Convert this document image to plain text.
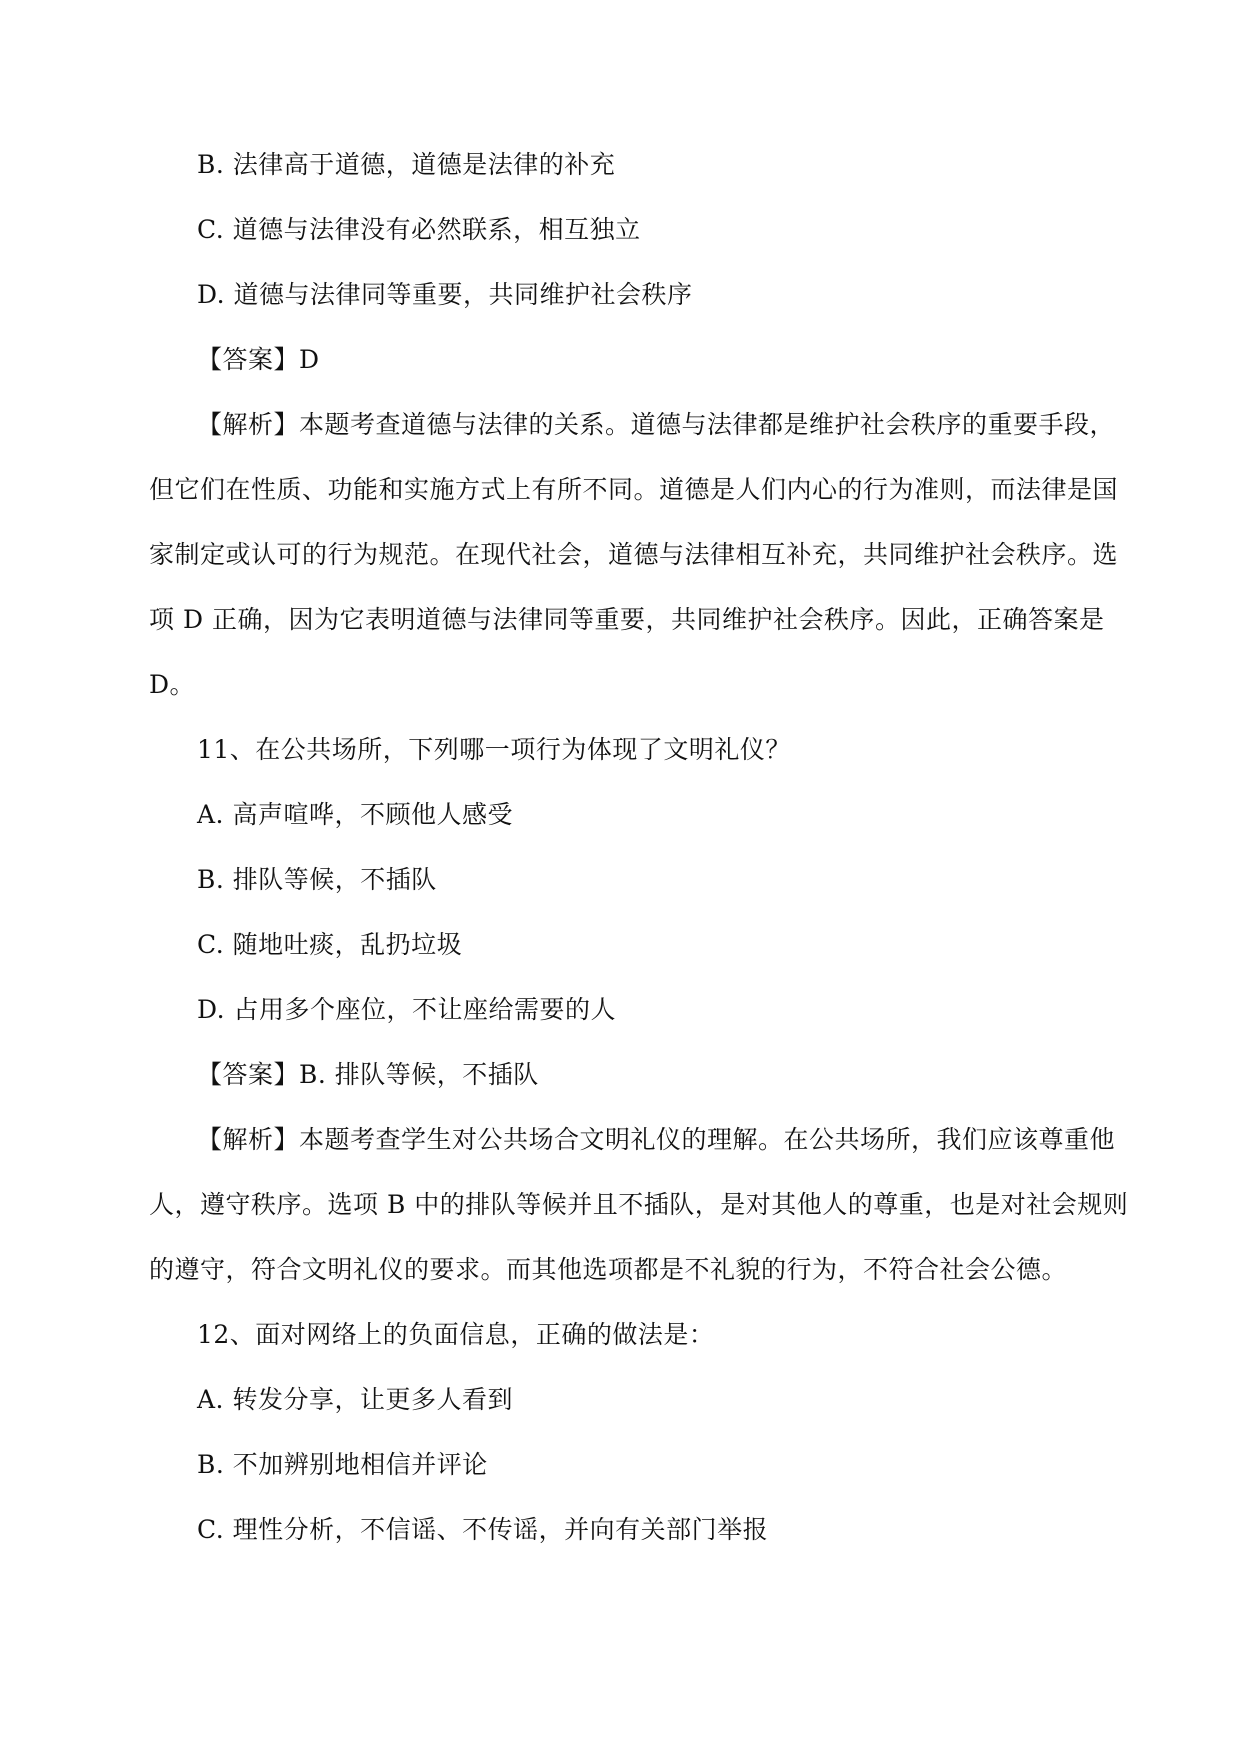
B. 法律高于道德，道德是法律的补充
C. 道德与法律没有必然联系，相互独立
D. 道德与法律同等重要，共同维护社会秩序
【答案】D
【解析】本题考查道德与法律的关系。道德与法律都是维护社会秩序的重要手段，
但它们在性质、功能和实施方式上有所不同。道德是人们内心的行为准则，而法律是国
家制定或认可的行为规范。在现代社会，道德与法律相互补充，共同维护社会秩序。选
项 D 正确，因为它表明道德与法律同等重要，共同维护社会秩序。因此，正确答案是
D。
11、在公共场所，下列哪一项行为体现了文明礼仪？
A. 高声喧哗，不顾他人感受
B. 排队等候，不插队
C. 随地吐痰，乱扔垃圾
D. 占用多个座位，不让座给需要的人
【答案】B. 排队等候，不插队
【解析】本题考查学生对公共场合文明礼仪的理解。在公共场所，我们应该尊重他
人，遵守秩序。选项 B 中的排队等候并且不插队，是对其他人的尊重，也是对社会规则
的遵守，符合文明礼仪的要求。而其他选项都是不礼貌的行为，不符合社会公德。
12、面对网络上的负面信息，正确的做法是：
A. 转发分享，让更多人看到
B. 不加辨别地相信并评论
C. 理性分析，不信谣、不传谣，并向有关部门举报
